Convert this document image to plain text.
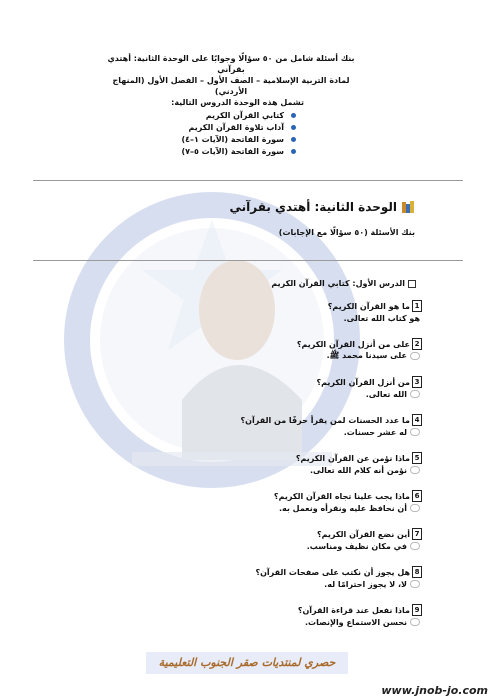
بنك أسئلة شامل من ٥٠ سؤالًا وجوابًا على الوحدة الثانية: أهتدي بقرآني
لمادة التربية الإسلامية – الصف الأول – الفصل الأول (المنهاج الأردني)
تشمل هذه الوحدة الدروس التالية:
كتابي القرآن الكريم
آداب تلاوة القرآن الكريم
سورة الفاتحة (الآيات ١–٤)
سورة الفاتحة (الآيات ٥–٧)
الوحدة الثانية: أهتدي بقرآني
بنك الأسئلة (٥٠ سؤالًا مع الإجابات)
الدرس الأول: كتابي القرآن الكريم
1
ما هو القرآن الكريم؟
هو كتاب الله تعالى.
2
على من أنزل القرآن الكريم؟
على سيدنا محمد ﷺ.
3
من أنزل القرآن الكريم؟
الله تعالى.
4
ما عدد الحسنات لمن يقرأ حرفًا من القرآن؟
له عشر حسنات.
5
ماذا نؤمن عن القرآن الكريم؟
نؤمن أنه كلام الله تعالى.
6
ماذا يجب علينا تجاه القرآن الكريم؟
أن نحافظ عليه ونقرأه ونعمل به.
7
أين نضع القرآن الكريم؟
في مكان نظيف ومناسب.
8
هل يجوز أن نكتب على صفحات القرآن؟
لا، لا يجوز احترامًا له.
9
ماذا نفعل عند قراءة القرآن؟
نحسن الاستماع والإنصات.
حصري لمنتديات صقر الجنوب التعليمية
www.jnob-jo.com
